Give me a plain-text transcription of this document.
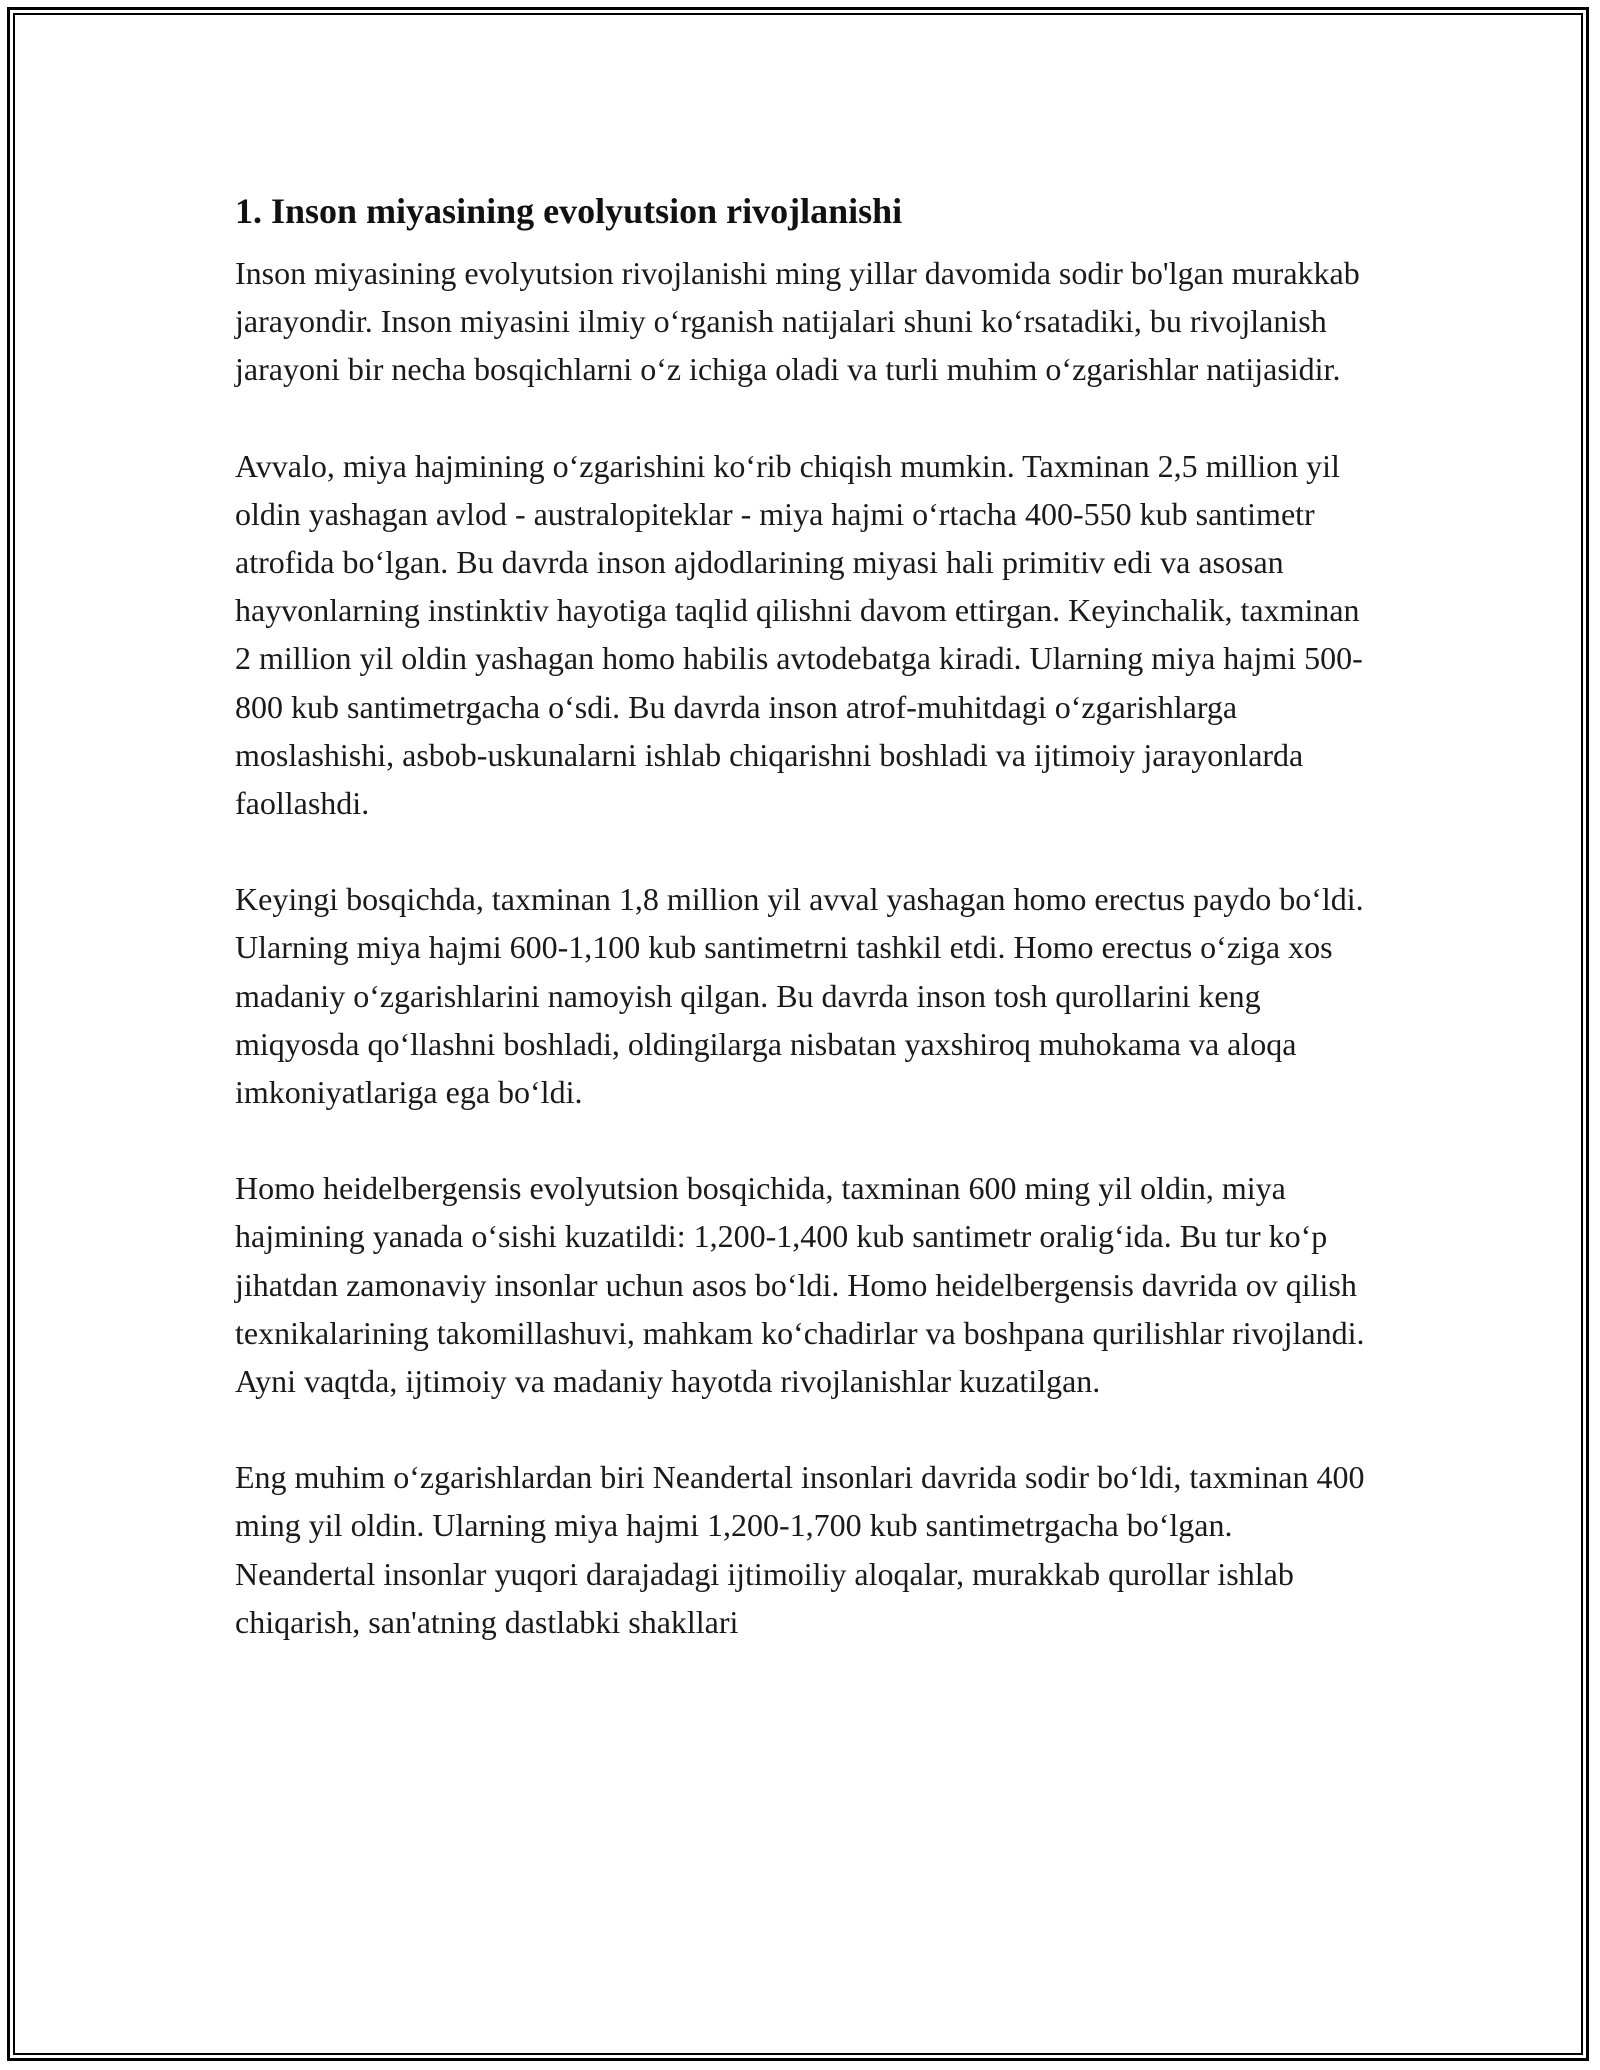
1. Inson miyasining evolyutsion rivojlanishi

Inson miyasining evolyutsion rivojlanishi ming yillar davomida sodir bo'lgan murakkab jarayondir. Inson miyasini ilmiy o‘rganish natijalari shuni ko‘rsatadiki, bu rivojlanish jarayoni bir necha bosqichlarni o‘z ichiga oladi va turli muhim o‘zgarishlar natijasidir.

Avvalo, miya hajmining o‘zgarishini ko‘rib chiqish mumkin. Taxminan 2,5 million yil oldin yashagan avlod - australopiteklar - miya hajmi o‘rtacha 400-550 kub santimetr atrofida bo‘lgan. Bu davrda inson ajdodlarining miyasi hali primitiv edi va asosan hayvonlarning instinktiv hayotiga taqlid qilishni davom ettirgan. Keyinchalik, taxminan 2 million yil oldin yashagan homo habilis avtodebatga kiradi. Ularning miya hajmi 500-800 kub santimetrgacha o‘sdi. Bu davrda inson atrof-muhitdagi o‘zgarishlarga moslashishi, asbob-uskunalarni ishlab chiqarishni boshladi va ijtimoiy jarayonlarda faollashdi.

Keyingi bosqichda, taxminan 1,8 million yil avval yashagan homo erectus paydo bo‘ldi. Ularning miya hajmi 600-1,100 kub santimetrni tashkil etdi. Homo erectus o‘ziga xos madaniy o‘zgarishlarini namoyish qilgan. Bu davrda inson tosh qurollarini keng miqyosda qo‘llashni boshladi, oldingilarga nisbatan yaxshiroq muhokama va aloqa imkoniyatlariga ega bo‘ldi.

Homo heidelbergensis evolyutsion bosqichida, taxminan 600 ming yil oldin, miya hajmining yanada o‘sishi kuzatildi: 1,200-1,400 kub santimetr oralig‘ida. Bu tur ko‘p jihatdan zamonaviy insonlar uchun asos bo‘ldi. Homo heidelbergensis davrida ov qilish texnikalarining takomillashuvi, mahkam ko‘chadirlar va boshpana qurilishlar rivojlandi. Ayni vaqtda, ijtimoiy va madaniy hayotda rivojlanishlar kuzatilgan.

Eng muhim o‘zgarishlardan biri Neandertal insonlari davrida sodir bo‘ldi, taxminan 400 ming yil oldin. Ularning miya hajmi 1,200-1,700 kub santimetrgacha bo‘lgan. Neandertal insonlar yuqori darajadagi ijtimoiliy aloqalar, murakkab qurollar ishlab chiqarish, san'atning dastlabki shakllari
